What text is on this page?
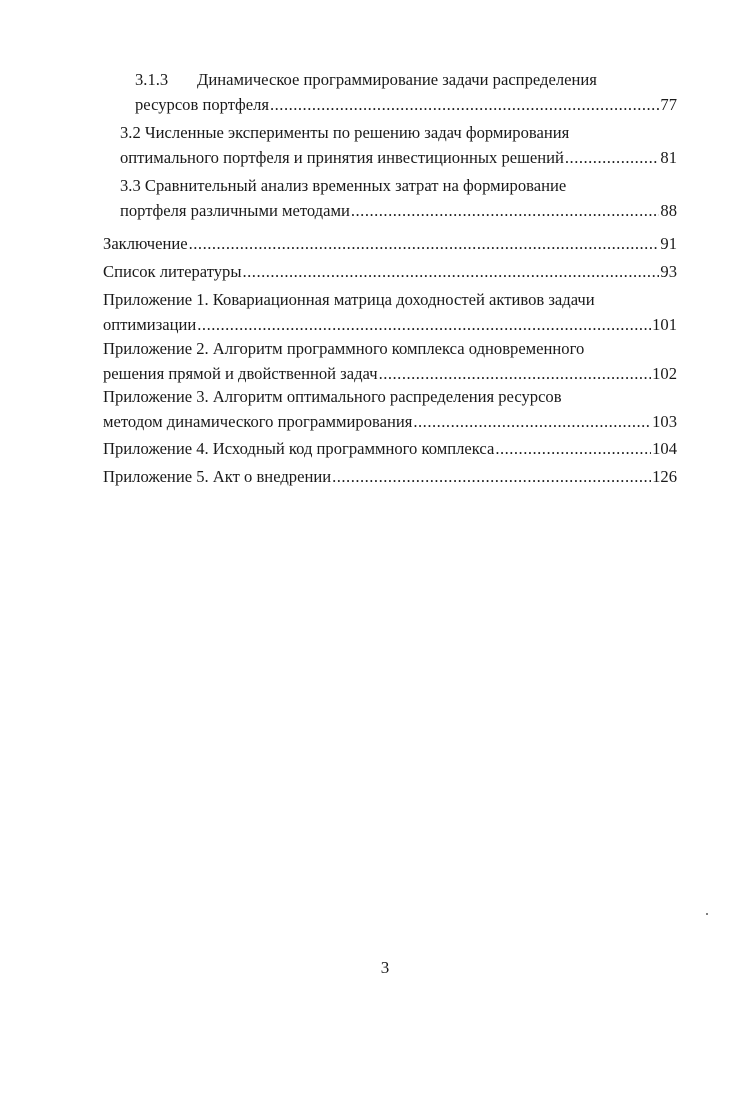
3.1.3 Динамическое программирование задачи распределения
ресурсов портфеля .....	77
3.2 Численные эксперименты по решению задач формирования
оптимального портфеля и принятия инвестиционных решений .....	81
3.3 Сравнительный анализ временных затрат на формирование
портфеля различными методами .....	88
Заключение .....	91
Список литературы .....	93
Приложение 1. Ковариационная матрица доходностей активов задачи
оптимизации .....	101
Приложение 2. Алгоритм программного комплекса одновременного
решения прямой и двойственной задач .....	102
Приложение 3. Алгоритм оптимального распределения ресурсов
методом динамического программирования .....	103
Приложение 4. Исходный код программного комплекса .....	104
Приложение 5. Акт о внедрении .....	126
3
